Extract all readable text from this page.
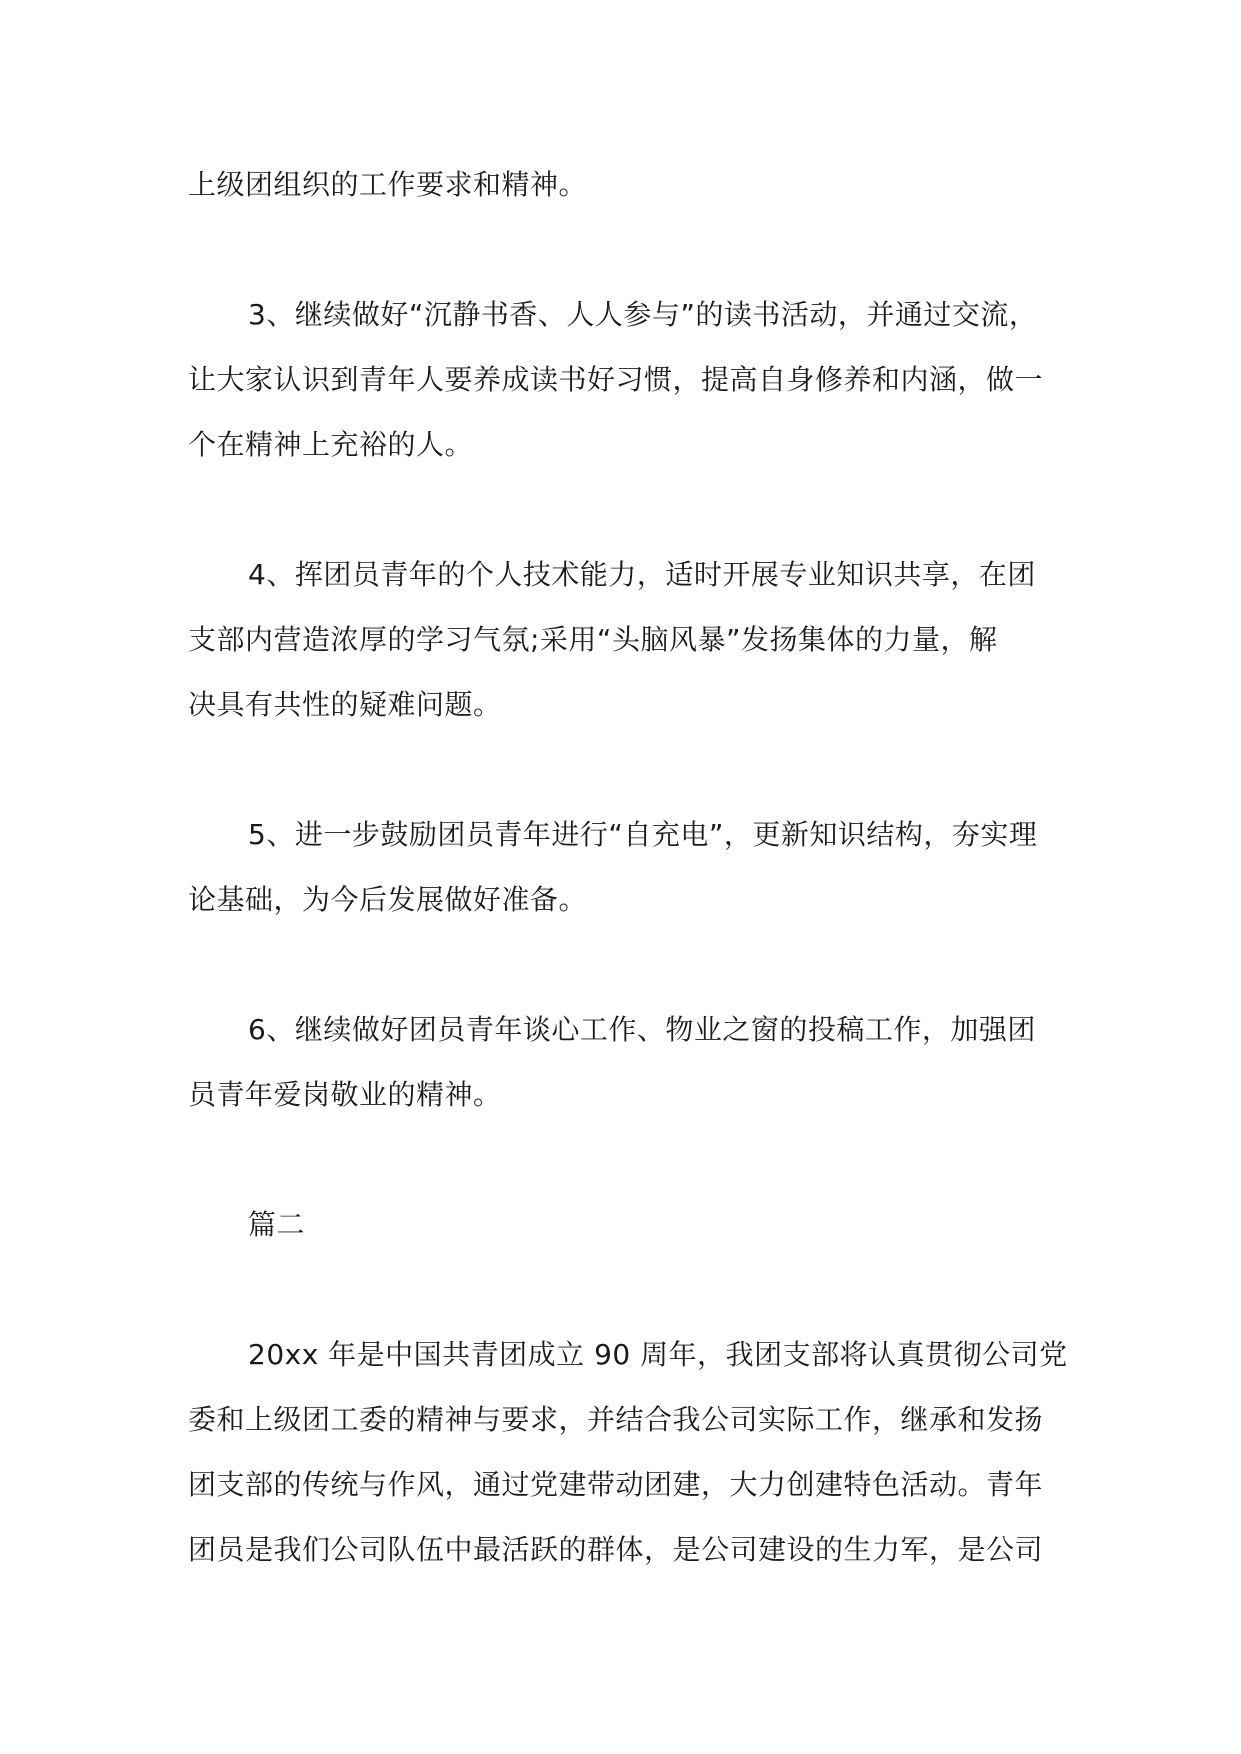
上级团组织的工作要求和精神。
3、继续做好“沉静书香、人人参与”的读书活动，并通过交流，
让大家认识到青年人要养成读书好习惯，提高自身修养和内涵，做一
个在精神上充裕的人。
4、挥团员青年的个人技术能力，适时开展专业知识共享，在团
支部内营造浓厚的学习气氛;采用“头脑风暴”发扬集体的力量，解
决具有共性的疑难问题。
5、进一步鼓励团员青年进行“自充电”，更新知识结构，夯实理
论基础，为今后发展做好准备。
6、继续做好团员青年谈心工作、物业之窗的投稿工作，加强团
员青年爱岗敬业的精神。
篇二
20xx 年是中国共青团成立 90 周年，我团支部将认真贯彻公司党
委和上级团工委的精神与要求，并结合我公司实际工作，继承和发扬
团支部的传统与作风，通过党建带动团建，大力创建特色活动。青年
团员是我们公司队伍中最活跃的群体，是公司建设的生力军，是公司
